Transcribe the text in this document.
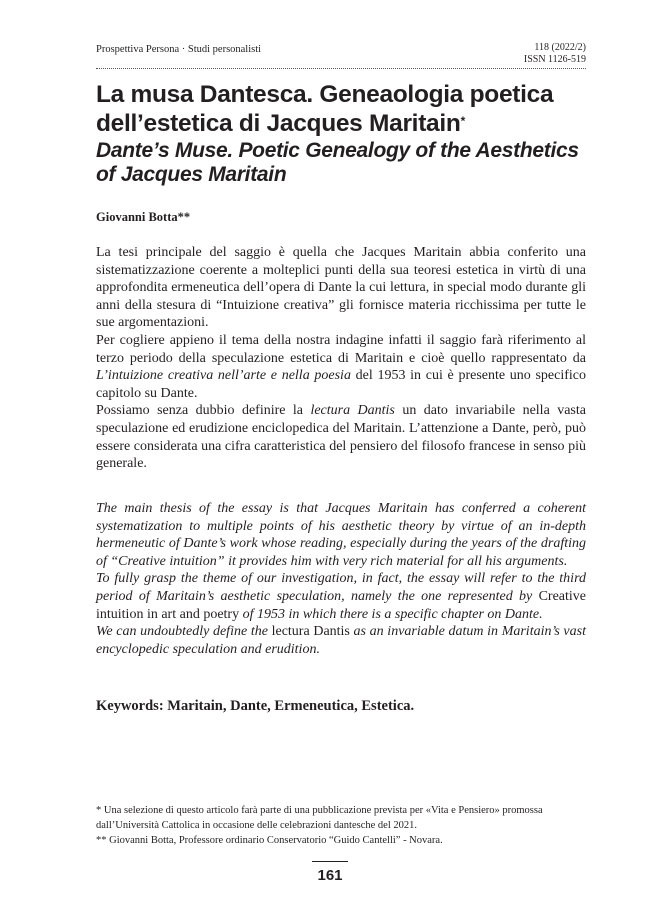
Prospettiva Persona · Studi personalisti	118 (2022/2)
ISSN 1126-519
La musa Dantesca. Geneaologia poetica dell’estetica di Jacques Maritain*
Dante’s Muse. Poetic Genealogy of the Aesthetics of Jacques Maritain
Giovanni Botta**

La tesi principale del saggio è quella che Jacques Maritain abbia conferito una sistematizzazione coerente a molteplici punti della sua teoresi estetica in virtù di una approfondita ermeneutica dell’opera di Dante la cui lettura, in special modo durante gli anni della stesura di “Intuizione creativa” gli fornisce materia ricchissima per tutte le sue argomentazioni.

Per cogliere appieno il tema della nostra indagine infatti il saggio farà riferimento al terzo periodo della speculazione estetica di Maritain e cioè quello rappresentato da L’intuizione creativa nell’arte e nella poesia del 1953 in cui è presente uno specifico capitolo su Dante.

Possiamo senza dubbio definire la lectura Dantis un dato invariabile nella vasta speculazione ed erudizione enciclopedica del Maritain. L’attenzione a Dante, però, può essere considerata una cifra caratteristica del pensiero del filosofo francese in senso più generale.

The main thesis of the essay is that Jacques Maritain has conferred a coherent systematization to multiple points of his aesthetic theory by virtue of an in-depth hermeneutic of Dante’s work whose reading, especially during the years of the drafting of “Creative intuition” it provides him with very rich material for all his arguments.

To fully grasp the theme of our investigation, in fact, the essay will refer to the third period of Maritain’s aesthetic speculation, namely the one represented by Creative intuition in art and poetry of 1953 in which there is a specific chapter on Dante.

We can undoubtedly define the lectura Dantis as an invariable datum in Maritain’s vast encyclopedic speculation and erudition.

Keywords: Maritain, Dante, Ermeneutica, Estetica.
* Una selezione di questo articolo farà parte di una pubblicazione prevista per «Vita e Pensiero» promossa dall’Università Cattolica in occasione delle celebrazioni dantesche del 2021.
** Giovanni Botta, Professore ordinario Conservatorio “Guido Cantelli” - Novara.
161
